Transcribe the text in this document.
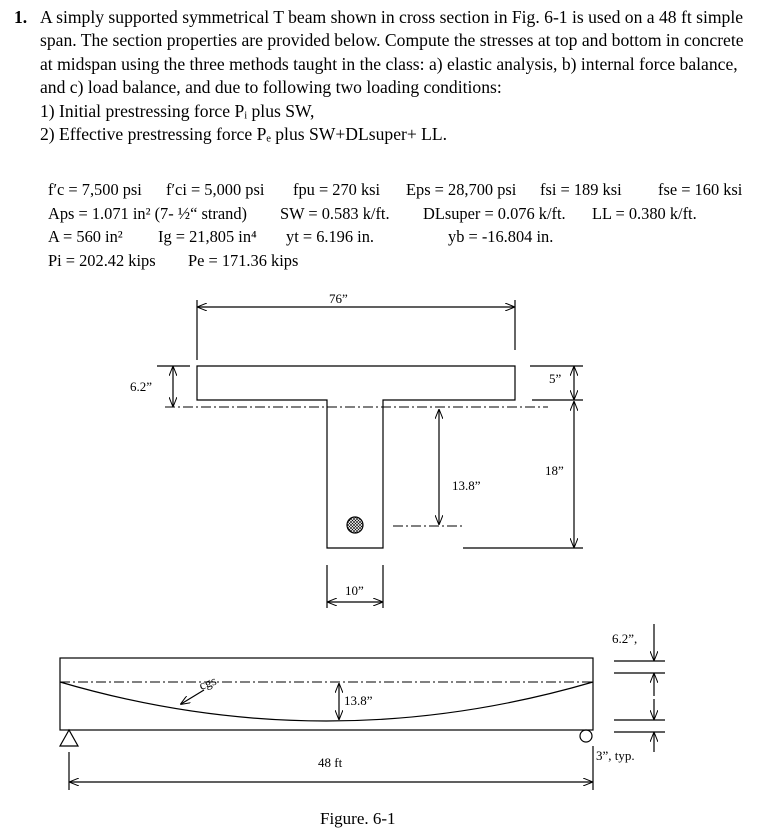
1. A simply supported symmetrical T beam shown in cross section in Fig. 6-1 is used on a 48 ft simple span. The section properties are provided below. Compute the stresses at top and bottom in concrete at midspan using the three methods taught in the class: a) elastic analysis, b) internal force balance, and c) load balance, and due to following two loading conditions:
1) Initial prestressing force Pᵢ plus SW,
2) Effective prestressing force Pₑ plus SW+DLsuper+ LL.
f′c = 7,500 psi f′ci = 5,000 psi fpu = 270 ksi Eps = 28,700 psi fsi = 189 ksi fse = 160 ksi
Aps = 1.071 in² (7- ½“ strand) SW = 0.583 k/ft. DLsuper = 0.076 k/ft. LL = 0.380 k/ft.
A = 560 in² Ig = 21,805 in⁴ yt = 6.196 in.	yb = -16.804 in.
Pi = 202.42 kips Pe = 171.36 kips
76”
6.2”
5”
18”
13.8”
10”
cgs
13.8”
48 ft
6.2”,
3”, typ.
Figure. 6-1
